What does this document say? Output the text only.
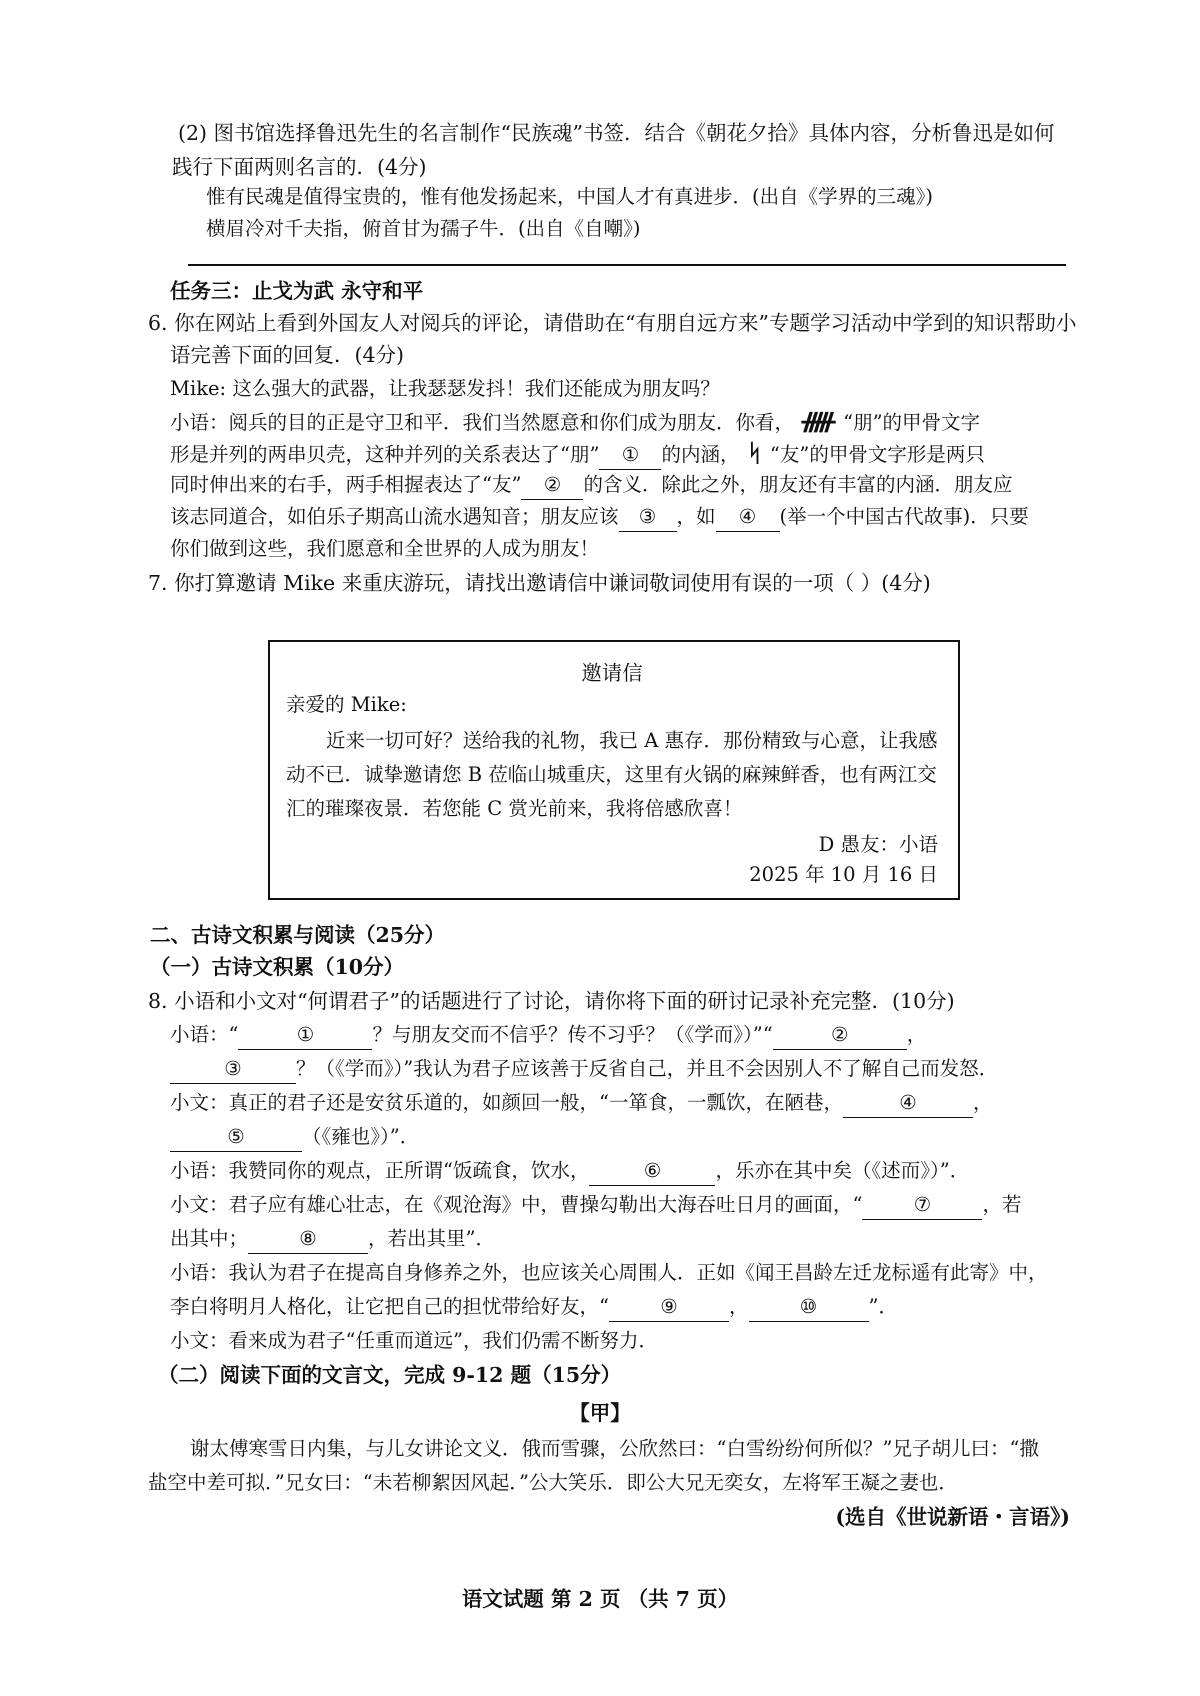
(2) 图书馆选择鲁迅先生的名言制作“民族魂”书签．结合《朝花夕拾》具体内容，分析鲁迅是如何
践行下面两则名言的．(4分)
惟有民魂是值得宝贵的，惟有他发扬起来，中国人才有真进步．(出自《学界的三魂》)
横眉冷对千夫指，俯首甘为孺子牛．(出自《自嘲》)
任务三：止戈为武 永守和平
6. 你在网站上看到外国友人对阅兵的评论，请借助在“有朋自远方来”专题学习活动中学到的知识帮助小
语完善下面的回复．(4分)
Mike: 这么强大的武器，让我瑟瑟发抖！我们还能成为朋友吗？
小语：阅兵的目的正是守卫和平．我们当然愿意和你们成为朋友．你看， ᚏ “朋”的甲骨文字
形是并列的两串贝壳，这种并列的关系表达了“朋” ① 的内涵， ᛋ “友”的甲骨文字形是两只
同时伸出来的右手，两手相握表达了“友” ② 的含义．除此之外，朋友还有丰富的内涵．朋友应
该志同道合，如伯乐子期高山流水遇知音；朋友应该 ③ ，如 ④ (举一个中国古代故事)．只要
你们做到这些，我们愿意和全世界的人成为朋友！
7. 你打算邀请 Mike 来重庆游玩，请找出邀请信中谦词敬词使用有误的一项（ ）(4分)
邀请信
亲爱的 Mike:
近来一切可好？送给我的礼物，我已 A 惠存．那份精致与心意，让我感
动不已．诚挚邀请您 B 莅临山城重庆，这里有火锅的麻辣鲜香，也有两江交
汇的璀璨夜景．若您能 C 赏光前来，我将倍感欣喜！
D 愚友：小语
2025 年 10 月 16 日
二、古诗文积累与阅读（25分）
（一）古诗文积累（10分）
8. 小语和小文对“何谓君子”的话题进行了讨论，请你将下面的研讨记录补充完整．(10分)
小语：“	①	？与朋友交而不信乎？传不习乎？（《学而》）”“	②	，
③	？（《学而》）”我认为君子应该善于反省自己，并且不会因别人不了解自己而发怒．
小文：真正的君子还是安贫乐道的，如颜回一般，“一箪食，一瓢饮，在陋巷，	④	，
⑤	（《雍也》）”．
小语：我赞同你的观点，正所谓“饭疏食，饮水，	⑥	，乐亦在其中矣（《述而》）”．
小文：君子应有雄心壮志，在《观沧海》中，曹操勾勒出大海吞吐日月的画面，“	⑦	，若
出其中；	⑧	，若出其里”．
小语：我认为君子在提高自身修养之外，也应该关心周围人．正如《闻王昌龄左迁龙标遥有此寄》中，
李白将明月人格化，让它把自己的担忧带给好友，“	⑨	，	⑩	”．
小文：看来成为君子“任重而道远”，我们仍需不断努力．
（二）阅读下面的文言文，完成 9-12 题（15分）
【甲】
谢太傅寒雪日内集，与儿女讲论文义．俄而雪骤，公欣然曰：“白雪纷纷何所似？”兄子胡儿曰：“撒
盐空中差可拟．”兄女曰：“未若柳絮因风起．”公大笑乐．即公大兄无奕女，左将军王凝之妻也．
(选自《世说新语・言语》)
语文试题 第 2 页 （共 7 页）
